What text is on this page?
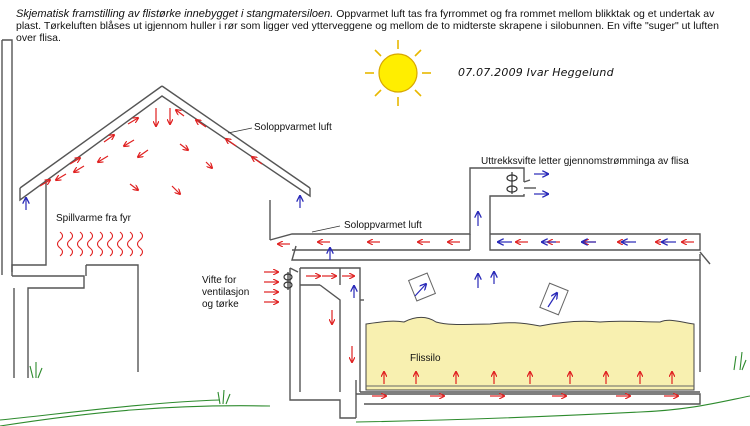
Skjematisk framstilling av flistørke innebygget i stangmatersiloen. Oppvarmet luft tas fra fyrrommet og fra rommet mellom blikktak og et undertak av plast. Tørkeluften blåses ut igjennom huller i rør som ligger ved ytterveggene og mellom de to midterste skrapene i silobunnen. En vifte "suger" ut luften over flisa.
07.07.2009 Ivar Heggelund
Soloppvarmet luft
Soloppvarmet luft
Spillvarme fra fyr
Vifte for
ventilasjon
og tørke
Uttrekksvifte letter gjennomstrømminga av flisa
Flissilo
